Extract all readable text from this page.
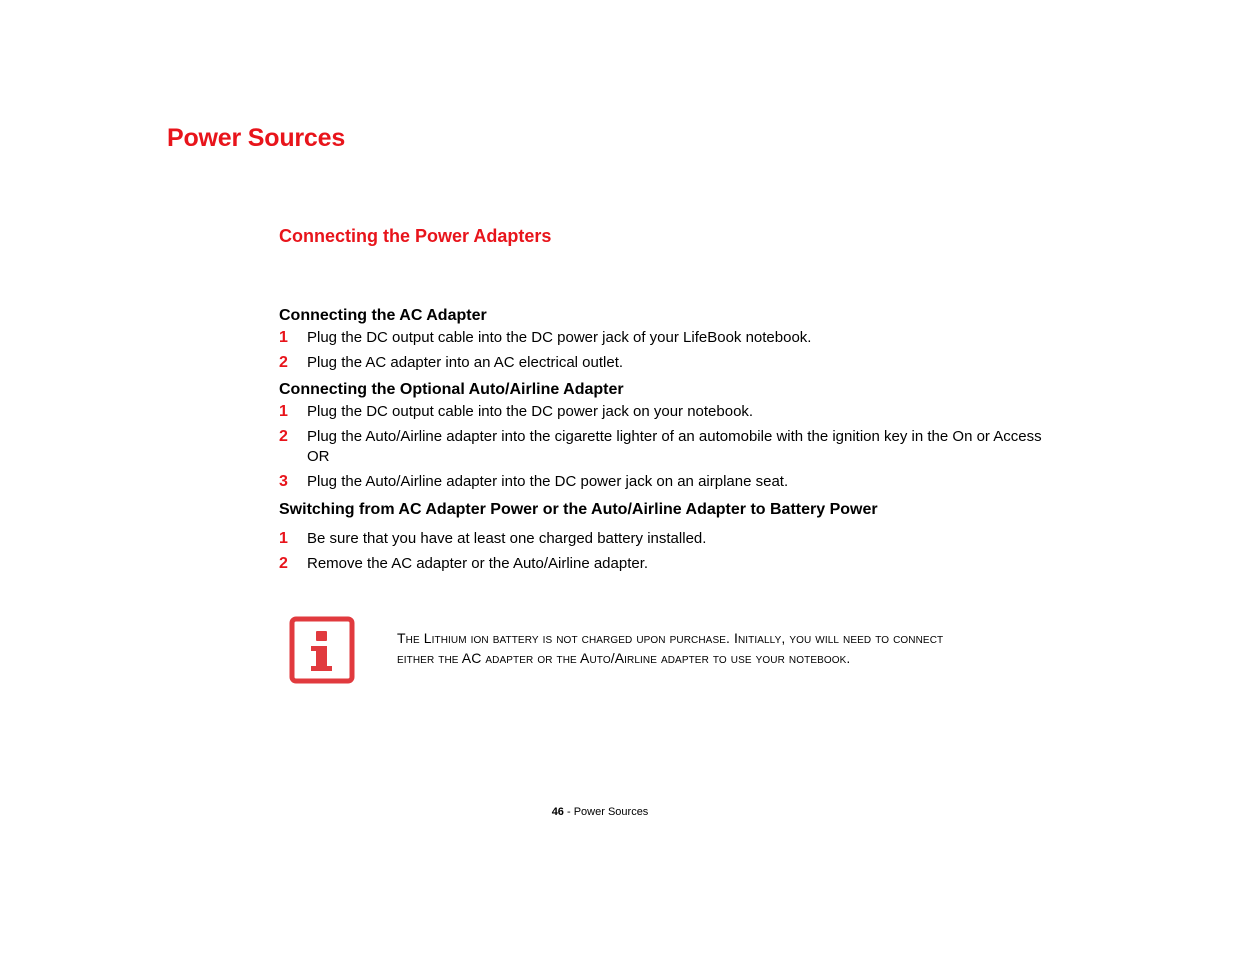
Power Sources
Connecting the Power Adapters
Connecting the AC Adapter
1	Plug the DC output cable into the DC power jack of your LifeBook notebook.
2	Plug the AC adapter into an AC electrical outlet.
Connecting the Optional Auto/Airline Adapter
1	Plug the DC output cable into the DC power jack on your notebook.
2	Plug the Auto/Airline adapter into the cigarette lighter of an automobile with the ignition key in the On or Access
OR
3	Plug the Auto/Airline adapter into the DC power jack on an airplane seat.
Switching from AC Adapter Power or the Auto/Airline Adapter to Battery Power
1	Be sure that you have at least one charged battery installed.
2	Remove the AC adapter or the Auto/Airline adapter.
The Lithium ion battery is not charged upon purchase. Initially, you will need to connect
either the AC adapter or the Auto/Airline adapter to use your notebook.
46 - Power Sources
